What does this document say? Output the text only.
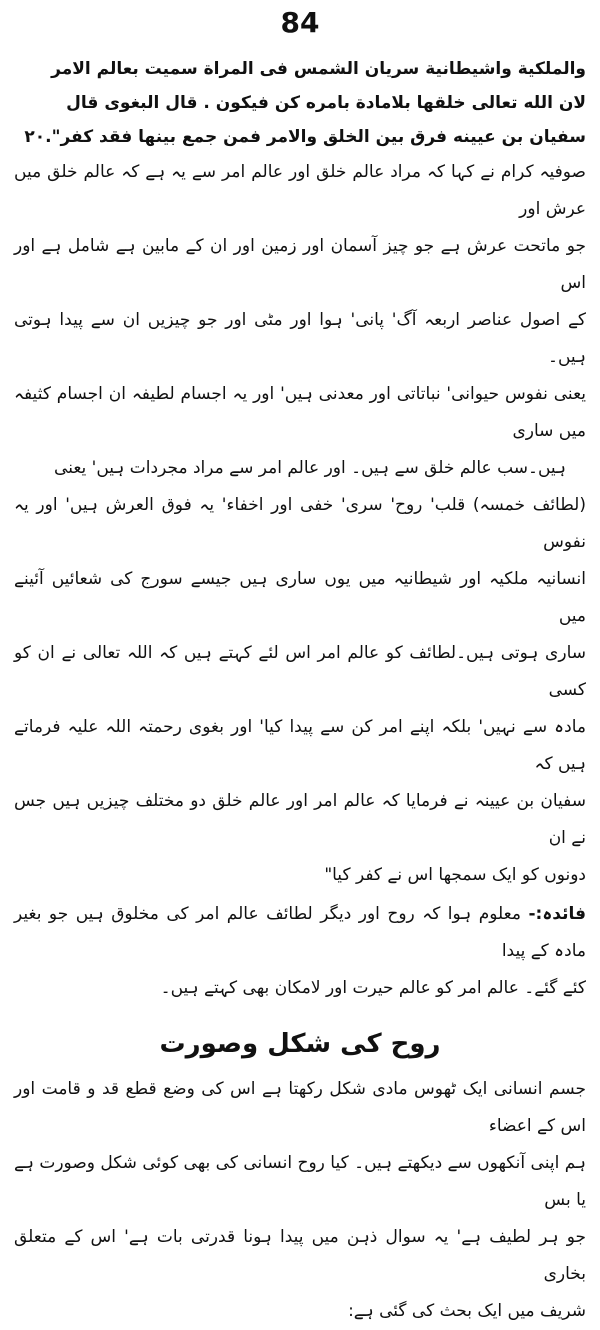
84
والملكية واشيطانية سريان الشمس فى المراة سميت بعالم الامر
لان الله تعالى خلقها بلامادة بامره كن فيكون . قال البغوى قال
سفيان بن عيينه فرق بين الخلق والامر فمن جمع بينها فقد كفر".٢٠
صوفیہ کرام نے کہا کہ مراد عالم خلق اور عالم امر سے یہ ہے کہ عالم خلق میں عرش اور
جو ماتحت عرش ہے جو چیز آسمان اور زمین اور ان کے مابین ہے شامل ہے اور اس
کے اصول عناصر اربعہ آگ' پانی' ہوا اور مٹی اور جو چیزیں ان سے پیدا ہوتی ہیں۔
یعنی نفوس حیوانی' نباتاتی اور معدنی ہیں' اور یہ اجسام لطیفہ ان اجسام کثیفہ میں ساری
ہیں۔سب عالم خلق سے ہیں۔ اور عالم امر سے مراد مجردات ہیں' یعنی
(لطائف خمسہ) قلب' روح' سری' خفی اور اخفاء' یہ فوق العرش ہیں' اور یہ نفوس
انسانیہ ملکیہ اور شیطانیہ میں یوں ساری ہیں جیسے سورج کی شعائیں آئینے میں
ساری ہوتی ہیں۔لطائف کو عالم امر اس لئے کہتے ہیں کہ اللہ تعالی نے ان کو کسی
مادہ سے نہیں' بلکہ اپنے امر کن سے پیدا کیا' اور بغوی رحمتہ اللہ علیہ فرماتے ہیں کہ
سفیان بن عیینہ نے فرمایا کہ عالم امر اور عالم خلق دو مختلف چیزیں ہیں جس نے ان
دونوں کو ایک سمجھا اس نے کفر کیا"
فائدہ:- معلوم ہوا کہ روح اور دیگر لطائف عالم امر کی مخلوق ہیں جو بغیر مادہ کے پیدا
کئے گئے۔ عالم امر کو عالم حیرت اور لامکان بھی کہتے ہیں۔
روح کی شکل وصورت
جسم انسانی ایک ٹھوس مادی شکل رکھتا ہے اس کی وضع قطع قد و قامت اور اس کے اعضاء
ہم اپنی آنکھوں سے دیکھتے ہیں۔ کیا روح انسانی کی بھی کوئی شکل وصورت ہے یا بس
جو ہر لطیف ہے' یہ سوال ذہن میں پیدا ہونا قدرتی بات ہے' اس کے متعلق بخاری
شریف میں ایک بحث کی گئی ہے:
